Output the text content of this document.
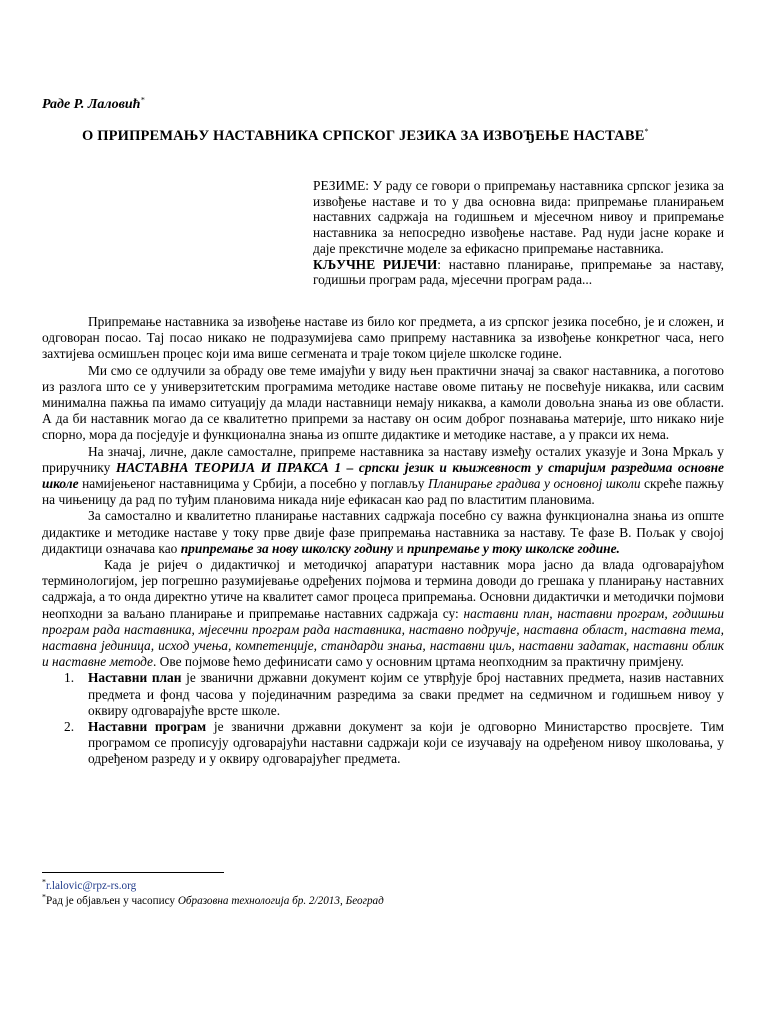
Раде Р. Лаловић*
О ПРИПРЕМАЊУ НАСТАВНИКА СРПСКОГ ЈЕЗИКА ЗА ИЗВОЂЕЊЕ НАСТАВЕ*

РЕЗИМЕ: У раду се говори о припремању наставника српског језика за извођење наставе и то у два основна вида: припремање планирањем наставних садржаја на годишњем и мјесечном нивоу и припремање наставника за непосредно извођење наставе. Рад нуди јасне кораке и даје прекстичне моделе за ефикасно припремање наставника.

КЉУЧНЕ РИЈЕЧИ: наставно планирање, припремање за наставу, годишњи програм рада, мјесечни програм рада...

Припремање наставника за извођење наставе из било ког предмета, а из српског језика посебно, је и сложен, и одговоран посао. Тај посао никако не подразумијева само припрему наставника за извођење конкретног часа, него захтијева осмишљен процес који има више сегмената и траје током цијеле школске године.

Ми смо се одлучили за обраду ове теме имајући у виду њен практични значај за сваког наставника, а поготово из разлога што се у универзитетским програмима методике наставе овоме питању не посвећује никаква, или сасвим минимална пажња па имамо ситуацију да млади наставници немају никаква, а камоли довољна знања из ове области. А да би наставник могао да се квалитетно припреми за наставу он осим доброг познавања материје, што никако није спорно, мора да посједује и функционална знања из опште дидактике и методике наставе, а у пракси их нема.

На значај, личне, дакле самосталне, припреме наставника за наставу између осталих указује и Зона Мркаљ у приручнику НАСТАВНА ТЕОРИЈА И ПРАКСА 1 – српски језик и књижевност у старијим разредима основне школе намијењеног наставницима у Србији, а посебно у поглављу Планирање градива у основној школи скреће пажњу на чињеницу да рад по туђим плановима никада није ефикасан као рад по властитим плановима.

За самостално и квалитетно планирање наставних садржаја посебно су важна функционална знања из опште дидактике и методике наставе у току прве двије фазе припремања наставника за наставу. Те фазе В. Пољак у својој дидактици означава као припремање за нову школску годину и припремање у току школске године.

Када је ријеч о дидактичкој и методичкој апаратури наставник мора јасно да влада одговарајућом терминологијом, јер погрешно разумијевање одређених појмова и термина доводи до грешака у планирању наставних садржаја, а то онда директно утиче на квалитет самог процеса припремања. Основни дидактички и методички појмови неопходни за ваљано планирање и припремање наставних садржаја су: наставни план, наставни програм, годишњи програм рада наставника, мјесечни програм рада наставника, наставно подручје, наставна област, наставна тема, наставна јединица, исход учења, компетенције, стандарди знања, наставни циљ, наставни задатак, наставни облик и наставне методе. Ове појмове ћемо дефинисати само у основним цртама неопходним за практичну примјену.

1. Наставни план је званични државни документ којим се утврђује број наставних предмета, назив наставних предмета и фонд часова у појединачним разредима за сваки предмет на седмичном и годишњем нивоу у оквиру одговарајуће врсте школе.
2. Наставни програм је званични државни документ за који је одговорно Министарство просвјете. Тим програмом се прописују одговарајући наставни садржаји који се изучавају на одређеном нивоу школовања, у одређеном разреду и у оквиру одговарајућег предмета.
*r.lalovic@rpz-rs.org
*Рад је објављен у часопису Образовна технологија бр. 2/2013, Београд
